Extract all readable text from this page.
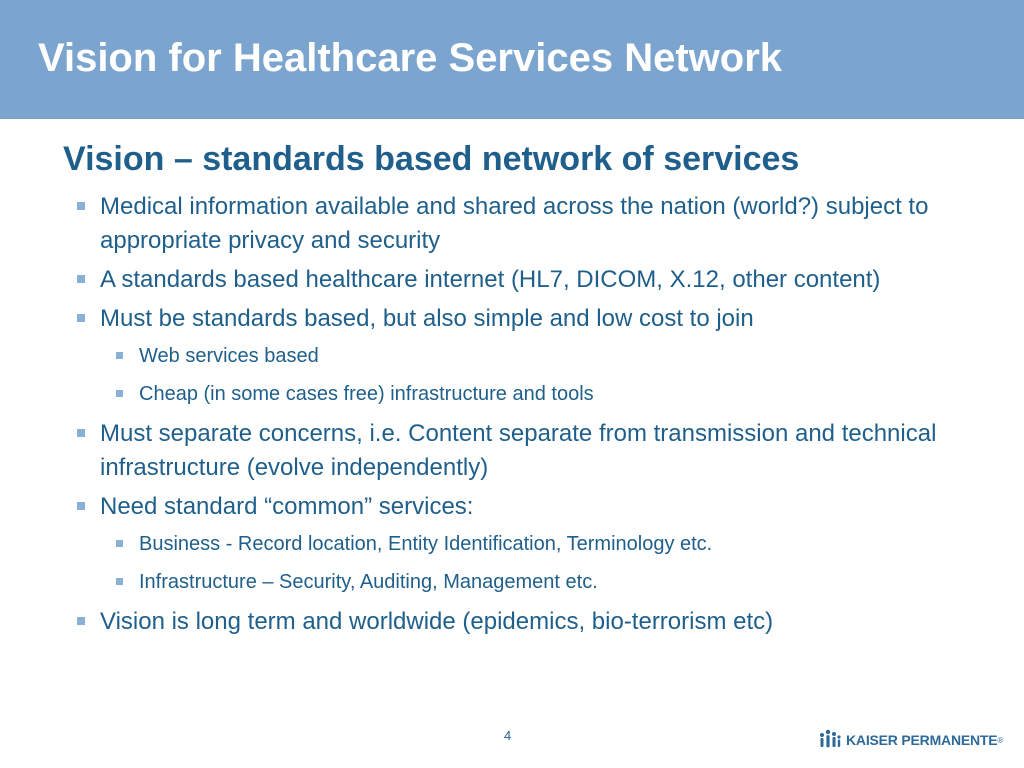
Vision for Healthcare Services Network
Vision – standards based network of services
Medical information available and shared across the nation (world?) subject to appropriate privacy and security
A standards based healthcare internet (HL7, DICOM, X.12, other content)
Must be standards based, but also simple and low cost to join
Web services based
Cheap (in some cases free) infrastructure and tools
Must separate concerns, i.e. Content separate from transmission and technical infrastructure (evolve independently)
Need standard “common” services:
Business - Record location, Entity Identification, Terminology etc.
Infrastructure – Security, Auditing, Management etc.
Vision is long term and worldwide (epidemics, bio-terrorism etc)
4	KAISER PERMANENTE ®
